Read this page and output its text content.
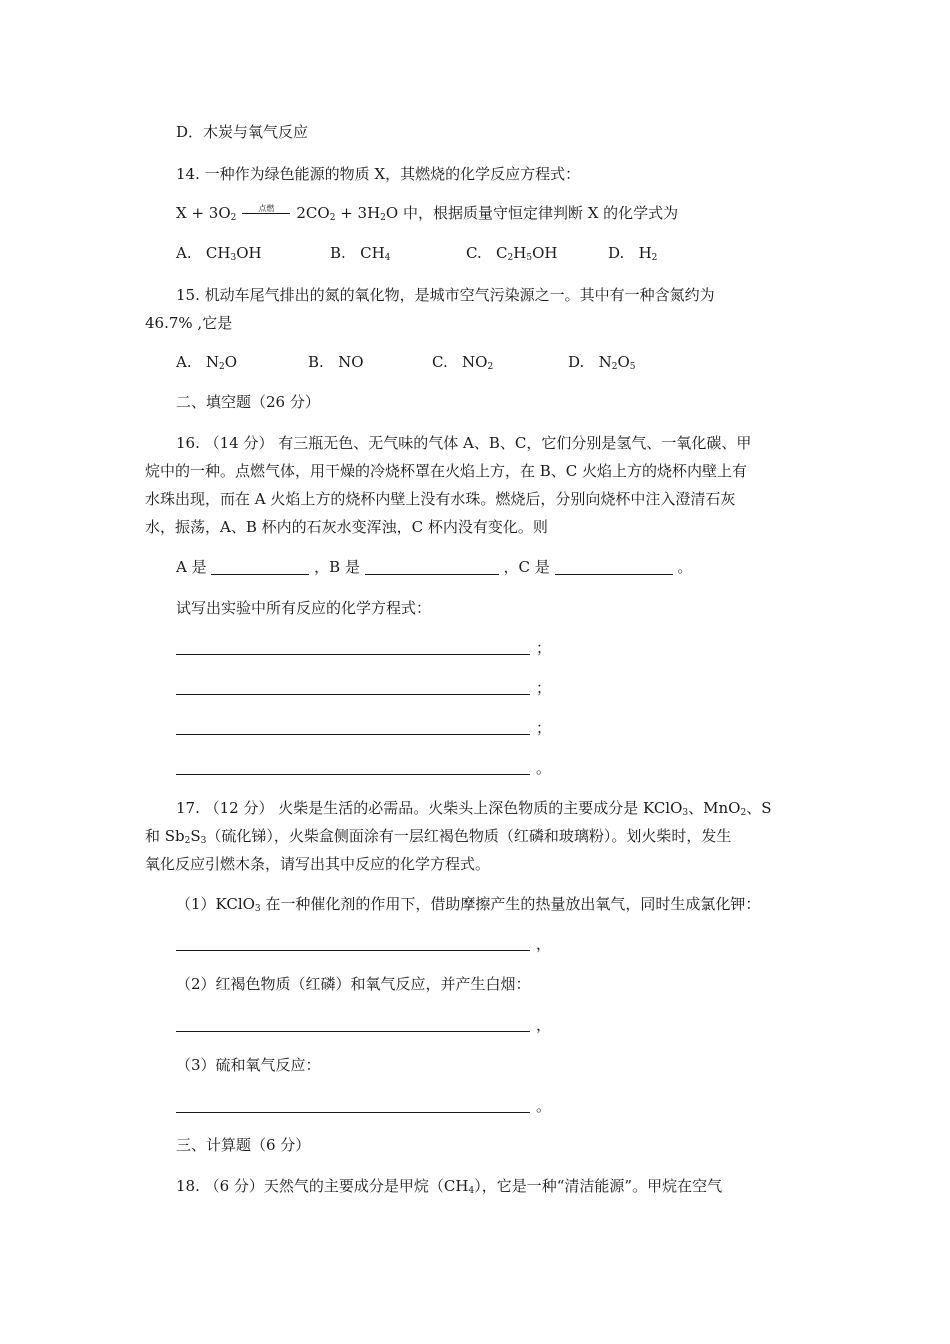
D．木炭与氧气反应
14. 一种作为绿色能源的物质 X，其燃烧的化学反应方程式：
$X + 3O_2$
点燃	$2CO_2 + 3H_2O$ 中，根据质量守恒定律判断 X 的化学式为
A. $CH_3OH$	B. $CH_4$	C. $C_2H_5OH$	D. $H_2$
15. 机动车尾气排出的氮的氧化物，是城市空气污染源之一。其中有一种含氮约为
46.7% ,它是
A. $N_2O$	B. NO	C. $NO_2$	D. $N_2O_5$
二、填空题（26 分）
16. （14 分） 有三瓶无色、无气味的气体 A、B、C，它们分别是氢气、一氧化碳、甲
烷中的一种。点燃气体，用干燥的冷烧杯罩在火焰上方，在 B、C 火焰上方的烧杯内壁上有
水珠出现，而在 A 火焰上方的烧杯内壁上没有水珠。燃烧后，分别向烧杯中注入澄清石灰
水，振荡，A、B 杯内的石灰水变浑浊，C 杯内没有变化。则
A 是	，B 是	，C 是	。
试写出实验中所有反应的化学方程式：
；
；
；
。
17. （12 分） 火柴是生活的必需品。火柴头上深色物质的主要成分是 KClO$_3$、MnO$_2$、S
和 $Sb_2S_3$（硫化锑），火柴盒侧面涂有一层红褐色物质（红磷和玻璃粉）。划火柴时，发生
氧化反应引燃木条，请写出其中反应的化学方程式。
（1）KClO$_3$ 在一种催化剂的作用下，借助摩擦产生的热量放出氧气，同时生成氯化钾：
，
（2）红褐色物质（红磷）和氧气反应，并产生白烟：
，
（3）硫和氧气反应：
。
三、计算题（6 分）
18. （6 分）天然气的主要成分是甲烷$(CH_4)$，它是一种“清洁能源”。甲烷在空气
